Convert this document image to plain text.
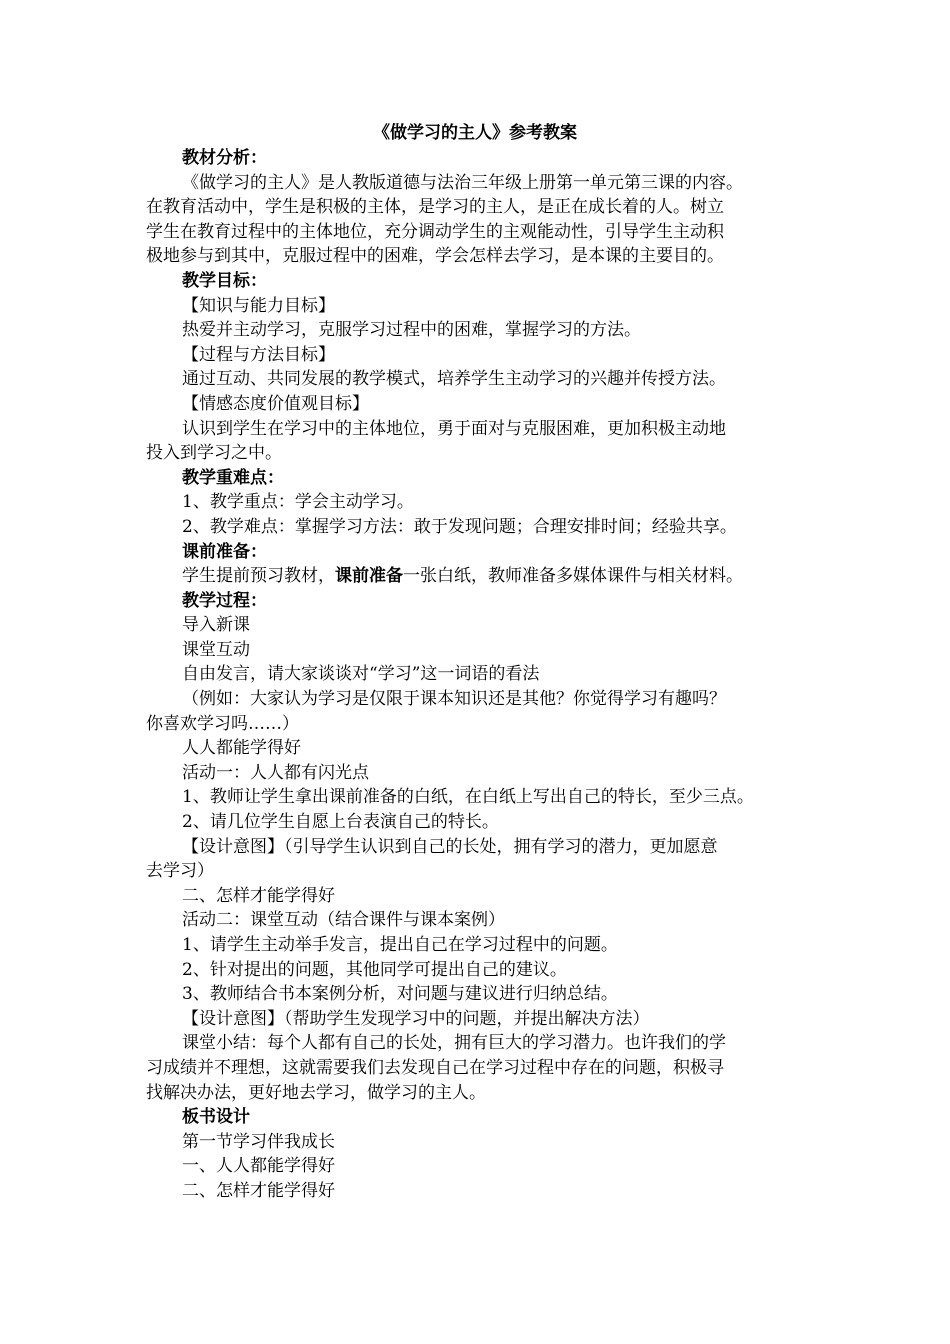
《做学习的主人》参考教案

教材分析：

《做学习的主人》是人教版道德与法治三年级上册第一单元第三课的内容。

在教育活动中，学生是积极的主体，是学习的主人，是正在成长着的人。树立

学生在教育过程中的主体地位，充分调动学生的主观能动性，引导学生主动积

极地参与到其中，克服过程中的困难，学会怎样去学习，是本课的主要目的。

教学目标：

【知识与能力目标】

热爱并主动学习，克服学习过程中的困难，掌握学习的方法。

【过程与方法目标】

通过互动、共同发展的教学模式，培养学生主动学习的兴趣并传授方法。

【情感态度价值观目标】

认识到学生在学习中的主体地位，勇于面对与克服困难，更加积极主动地

投入到学习之中。

教学重难点：

1、教学重点：学会主动学习。

2、教学难点：掌握学习方法：敢于发现问题；合理安排时间；经验共享。

课前准备：

学生提前预习教材，课前准备一张白纸，教师准备多媒体课件与相关材料。

教学过程：

导入新课

课堂互动

自由发言，请大家谈谈对“学习”这一词语的看法

（例如：大家认为学习是仅限于课本知识还是其他？你觉得学习有趣吗？

你喜欢学习吗……）

人人都能学得好

活动一：人人都有闪光点

1、教师让学生拿出课前准备的白纸，在白纸上写出自己的特长，至少三点。

2、请几位学生自愿上台表演自己的特长。

【设计意图】（引导学生认识到自己的长处，拥有学习的潜力，更加愿意

去学习）

二、怎样才能学得好

活动二：课堂互动（结合课件与课本案例）

1、请学生主动举手发言，提出自己在学习过程中的问题。

2、针对提出的问题，其他同学可提出自己的建议。

3、教师结合书本案例分析，对问题与建议进行归纳总结。

【设计意图】（帮助学生发现学习中的问题，并提出解决方法）

课堂小结：每个人都有自己的长处，拥有巨大的学习潜力。也许我们的学

习成绩并不理想，这就需要我们去发现自己在学习过程中存在的问题，积极寻

找解决办法，更好地去学习，做学习的主人。

板书设计

第一节学习伴我成长

一、人人都能学得好

二、怎样才能学得好
